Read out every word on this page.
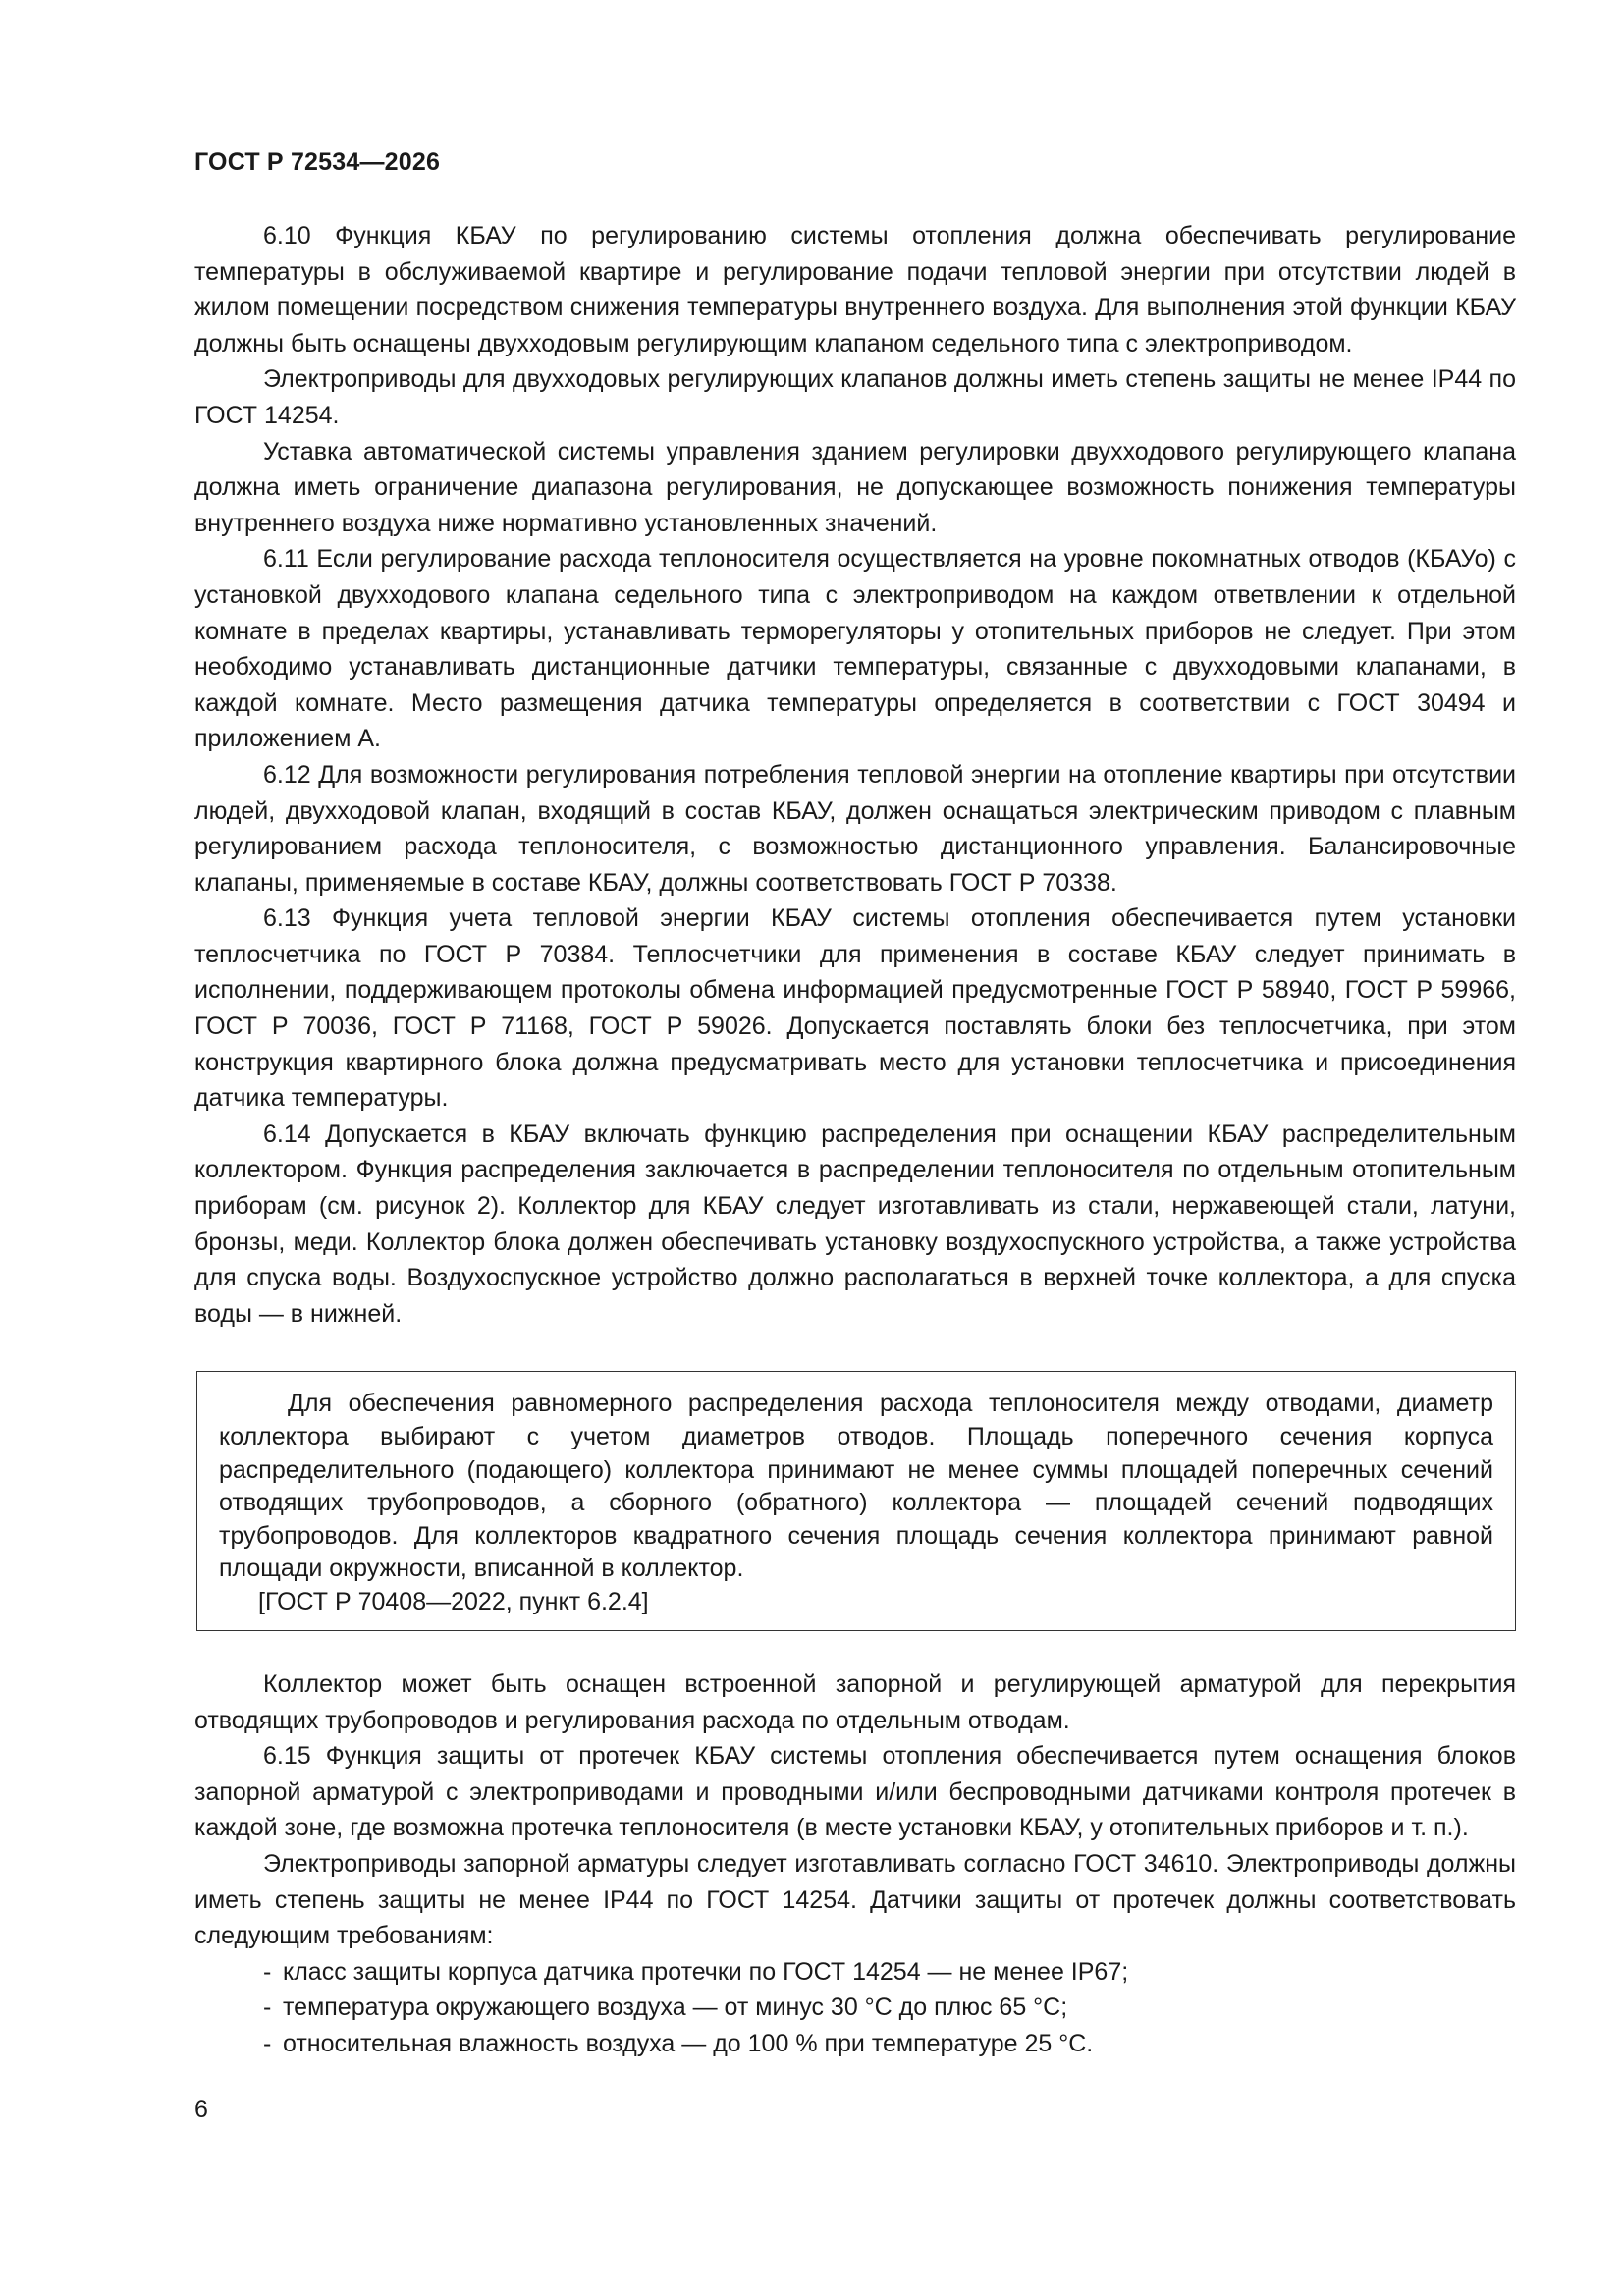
ГОСТ Р 72534—2026

6.10 Функция КБАУ по регулированию системы отопления должна обеспечивать регулирование температуры в обслуживаемой квартире и регулирование подачи тепловой энергии при отсутствии людей в жилом помещении посредством снижения температуры внутреннего воздуха. Для выполнения этой функции КБАУ должны быть оснащены двухходовым регулирующим клапаном седельного типа с электроприводом.

Электроприводы для двухходовых регулирующих клапанов должны иметь степень защиты не менее IP44 по ГОСТ 14254.

Уставка автоматической системы управления зданием регулировки двухходового регулирующего клапана должна иметь ограничение диапазона регулирования, не допускающее возможность понижения температуры внутреннего воздуха ниже нормативно установленных значений.

6.11 Если регулирование расхода теплоносителя осуществляется на уровне покомнатных отводов (КБАУо) с установкой двухходового клапана седельного типа с электроприводом на каждом ответвлении к отдельной комнате в пределах квартиры, устанавливать терморегуляторы у отопительных приборов не следует. При этом необходимо устанавливать дистанционные датчики температуры, связанные с двухходовыми клапанами, в каждой комнате. Место размещения датчика температуры определяется в соответствии с ГОСТ 30494 и приложением А.

6.12 Для возможности регулирования потребления тепловой энергии на отопление квартиры при отсутствии людей, двухходовой клапан, входящий в состав КБАУ, должен оснащаться электрическим приводом с плавным регулированием расхода теплоносителя, с возможностью дистанционного управления. Балансировочные клапаны, применяемые в составе КБАУ, должны соответствовать ГОСТ Р 70338.

6.13 Функция учета тепловой энергии КБАУ системы отопления обеспечивается путем установки теплосчетчика по ГОСТ Р 70384. Теплосчетчики для применения в составе КБАУ следует принимать в исполнении, поддерживающем протоколы обмена информацией предусмотренные ГОСТ Р 58940, ГОСТ Р 59966, ГОСТ Р 70036, ГОСТ Р 71168, ГОСТ Р 59026. Допускается поставлять блоки без теплосчетчика, при этом конструкция квартирного блока должна предусматривать место для установки теплосчетчика и присоединения датчика температуры.

6.14 Допускается в КБАУ включать функцию распределения при оснащении КБАУ распределительным коллектором. Функция распределения заключается в распределении теплоносителя по отдельным отопительным приборам (см. рисунок 2). Коллектор для КБАУ следует изготавливать из стали, нержавеющей стали, латуни, бронзы, меди. Коллектор блока должен обеспечивать установку воздухоспускного устройства, а также устройства для спуска воды. Воздухоспускное устройство должно располагаться в верхней точке коллектора, а для спуска воды — в нижней.

Для обеспечения равномерного распределения расхода теплоносителя между отводами, диаметр коллектора выбирают с учетом диаметров отводов. Площадь поперечного сечения корпуса распределительного (подающего) коллектора принимают не менее суммы площадей поперечных сечений отводящих трубопроводов, а сборного (обратного) коллектора — площадей сечений подводящих трубопроводов. Для коллекторов квадратного сечения площадь сечения коллектора принимают равной площади окружности, вписанной в коллектор.

[ГОСТ Р 70408—2022, пункт 6.2.4]

Коллектор может быть оснащен встроенной запорной и регулирующей арматурой для перекрытия отводящих трубопроводов и регулирования расхода по отдельным отводам.

6.15 Функция защиты от протечек КБАУ системы отопления обеспечивается путем оснащения блоков запорной арматурой с электроприводами и проводными и/или беспроводными датчиками контроля протечек в каждой зоне, где возможна протечка теплоносителя (в месте установки КБАУ, у отопительных приборов и т. п.).

Электроприводы запорной арматуры следует изготавливать согласно ГОСТ 34610. Электроприводы должны иметь степень защиты не менее IP44 по ГОСТ 14254. Датчики защиты от протечек должны соответствовать следующим требованиям:

- класс защиты корпуса датчика протечки по ГОСТ 14254 — не менее IP67;
- температура окружающего воздуха — от минус 30 °С до плюс 65 °С;
- относительная влажность воздуха — до 100 % при температуре 25 °С.
6
